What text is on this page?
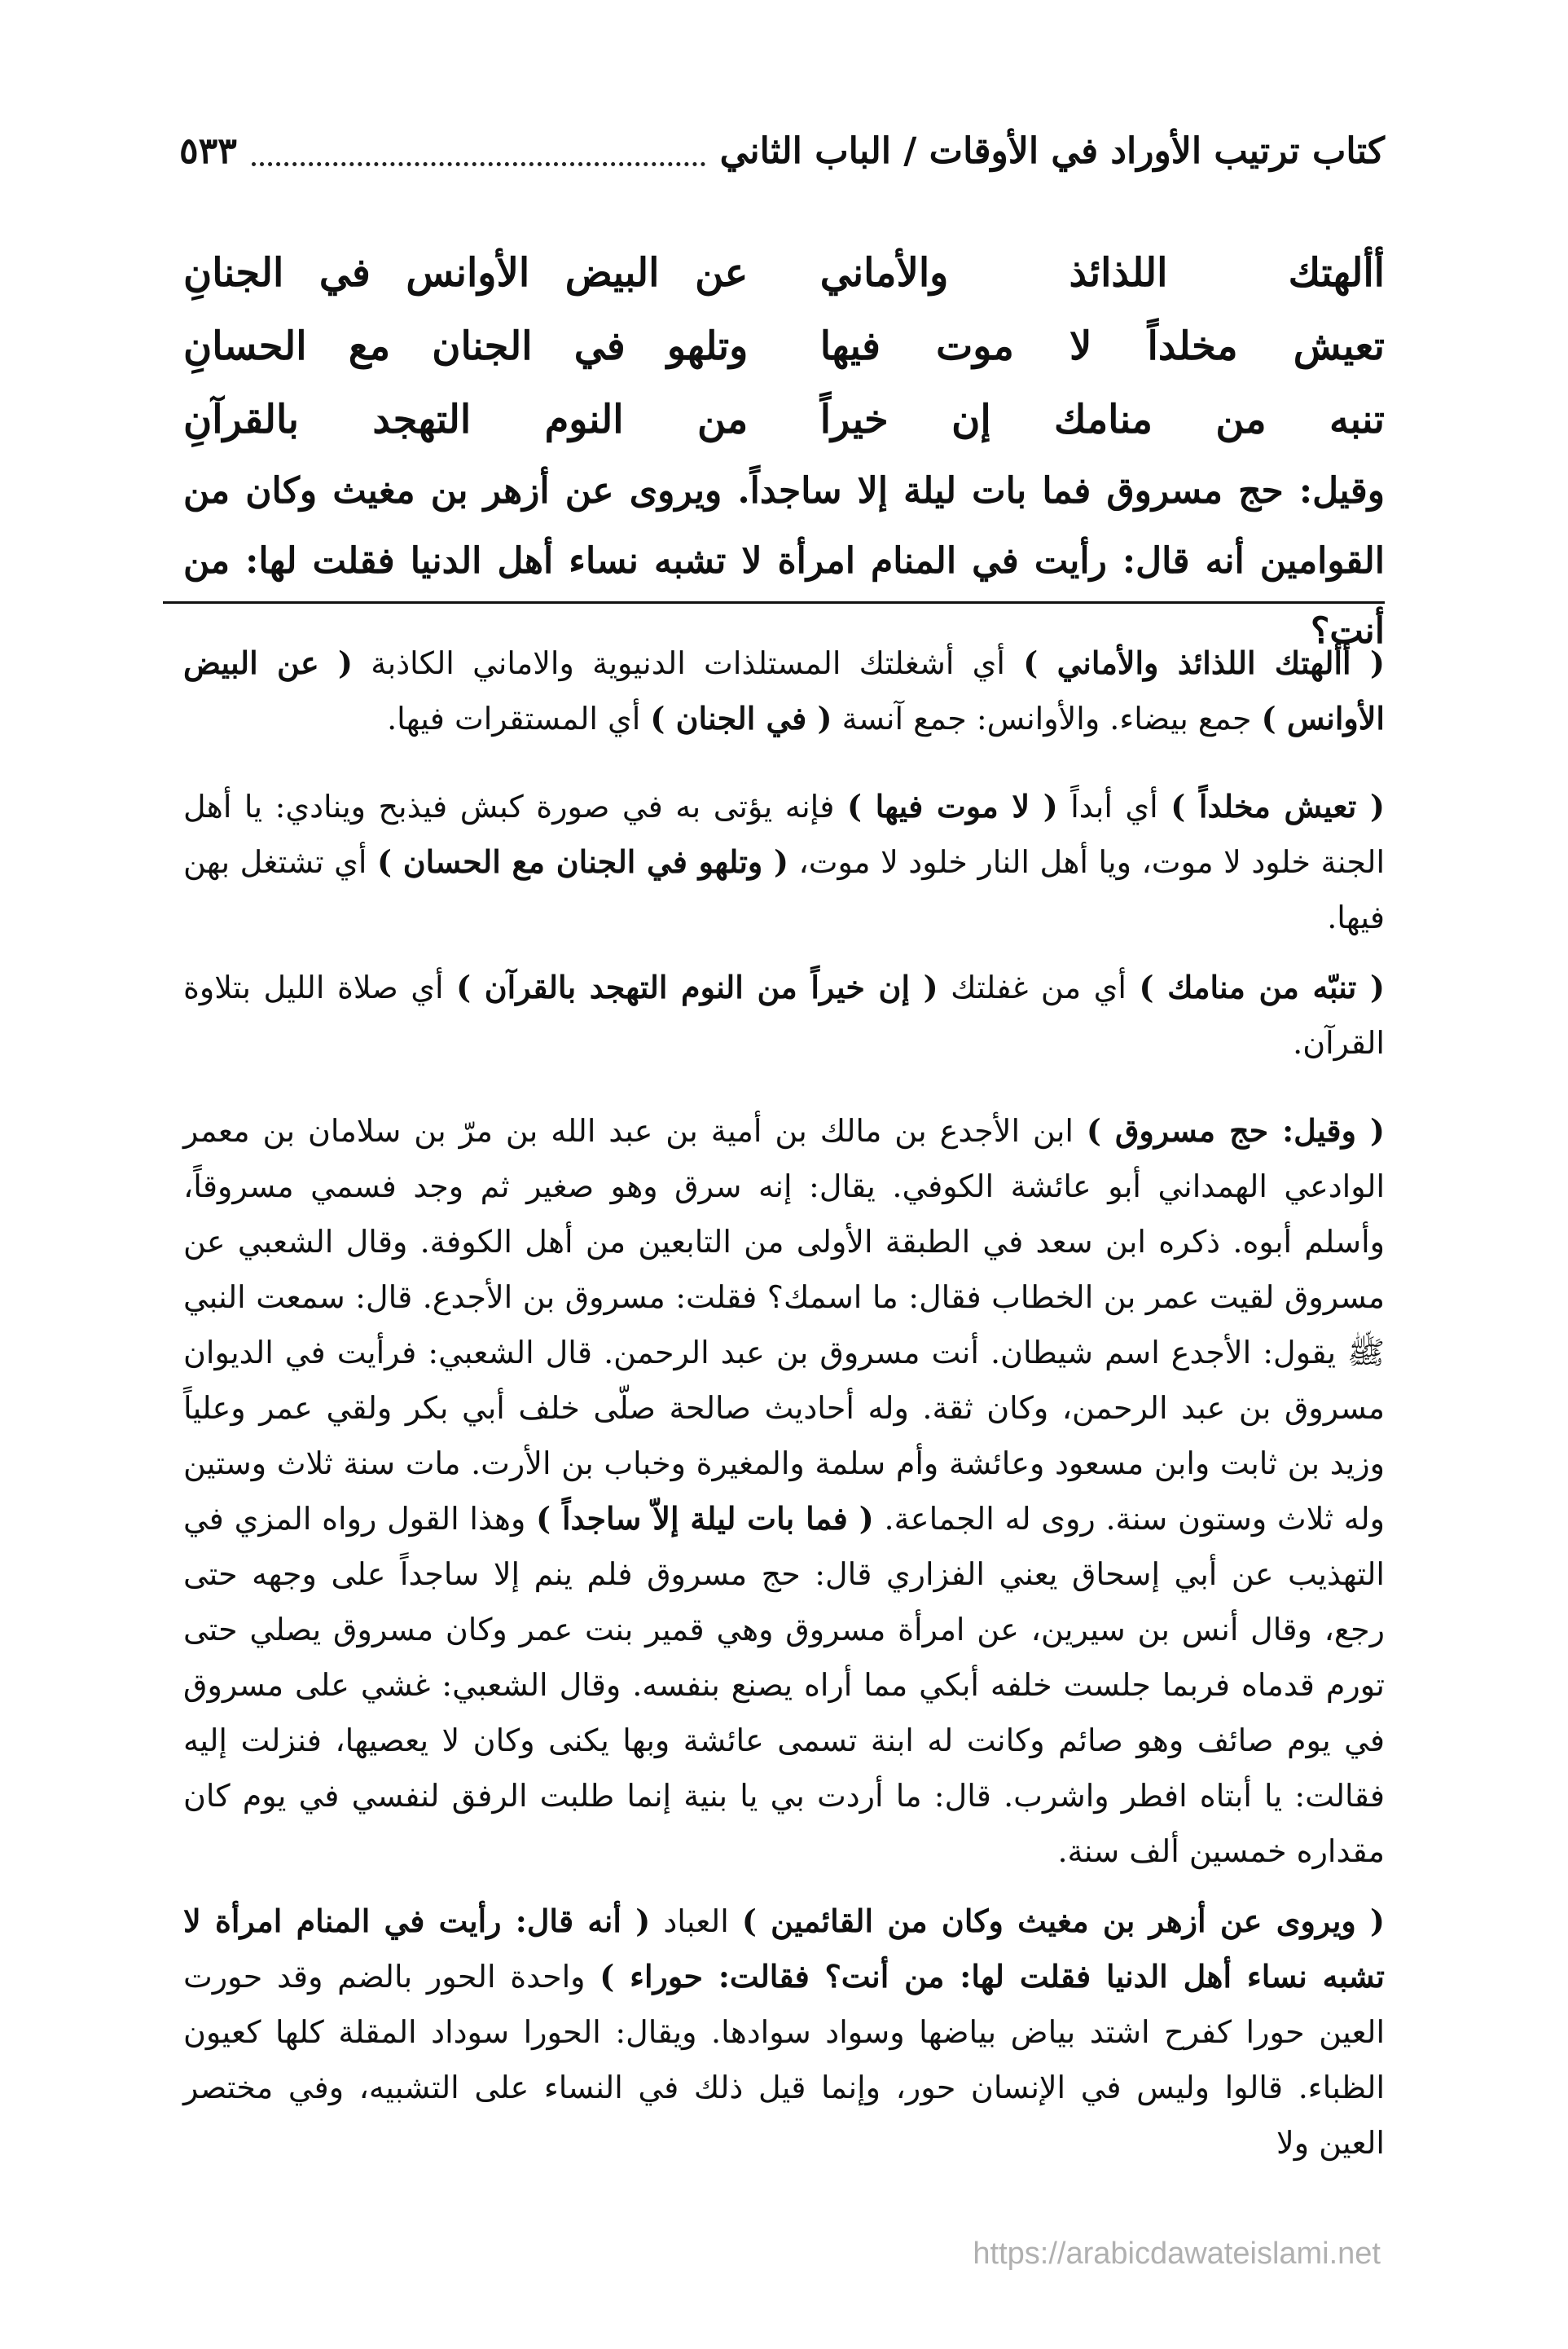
كتاب ترتيب الأوراد في الأوقات / الباب الثاني
٥٣٣
أألهتك اللذائذ والأماني
عن البيض الأوانس في الجنانِ
تعيش مخلداً لا موت فيها
وتلهو في الجنان مع الحسانِ
تنبه من منامك إن خيراً
من النوم التهجد بالقرآنِ
وقيل: حج مسروق فما بات ليلة إلا ساجداً. ويروى عن أزهر بن مغيث وكان من القوامين أنه قال: رأيت في المنام امرأة لا تشبه نساء أهل الدنيا فقلت لها: من أنت؟

( أألهتك اللذائذ والأماني ) أي أشغلتك المستلذات الدنيوية والاماني الكاذبة ( عن البيض الأوانس ) جمع بيضاء. والأوانس: جمع آنسة ( في الجنان ) أي المستقرات فيها.

( تعيش مخلداً ) أي أبداً ( لا موت فيها ) فإنه يؤتى به في صورة كبش فيذبح وينادي: يا أهل الجنة خلود لا موت، ويا أهل النار خلود لا موت، ( وتلهو في الجنان مع الحسان ) أي تشتغل بهن فيها.

( تنبّه من منامك ) أي من غفلتك ( إن خيراً من النوم التهجد بالقرآن ) أي صلاة الليل بتلاوة القرآن.

( وقيل: حج مسروق ) ابن الأجدع بن مالك بن أمية بن عبد الله بن مرّ بن سلامان بن معمر الوادعي الهمداني أبو عائشة الكوفي. يقال: إنه سرق وهو صغير ثم وجد فسمي مسروقاً، وأسلم أبوه. ذكره ابن سعد في الطبقة الأولى من التابعين من أهل الكوفة. وقال الشعبي عن مسروق لقيت عمر بن الخطاب فقال: ما اسمك؟ فقلت: مسروق بن الأجدع. قال: سمعت النبي ﷺ يقول: الأجدع اسم شيطان. أنت مسروق بن عبد الرحمن. قال الشعبي: فرأيت في الديوان مسروق بن عبد الرحمن، وكان ثقة. وله أحاديث صالحة صلّى خلف أبي بكر ولقي عمر وعلياً وزيد بن ثابت وابن مسعود وعائشة وأم سلمة والمغيرة وخباب بن الأرت. مات سنة ثلاث وستين وله ثلاث وستون سنة. روى له الجماعة. ( فما بات ليلة إلاّ ساجداً ) وهذا القول رواه المزي في التهذيب عن أبي إسحاق يعني الفزاري قال: حج مسروق فلم ينم إلا ساجداً على وجهه حتى رجع، وقال أنس بن سيرين، عن امرأة مسروق وهي قمير بنت عمر وكان مسروق يصلي حتى تورم قدماه فربما جلست خلفه أبكي مما أراه يصنع بنفسه. وقال الشعبي: غشي على مسروق في يوم صائف وهو صائم وكانت له ابنة تسمى عائشة وبها يكنى وكان لا يعصيها، فنزلت إليه فقالت: يا أبتاه افطر واشرب. قال: ما أردت بي يا بنية إنما طلبت الرفق لنفسي في يوم كان مقداره خمسين ألف سنة.

( ويروى عن أزهر بن مغيث وكان من القائمين ) العباد ( أنه قال: رأيت في المنام امرأة لا تشبه نساء أهل الدنيا فقلت لها: من أنت؟ فقالت: حوراء ) واحدة الحور بالضم وقد حورت العين حورا كفرح اشتد بياض بياضها وسواد سوادها. ويقال: الحورا سوداد المقلة كلها كعيون الظباء. قالوا وليس في الإنسان حور، وإنما قيل ذلك في النساء على التشبيه، وفي مختصر العين ولا

https://arabicdawateislami.net
